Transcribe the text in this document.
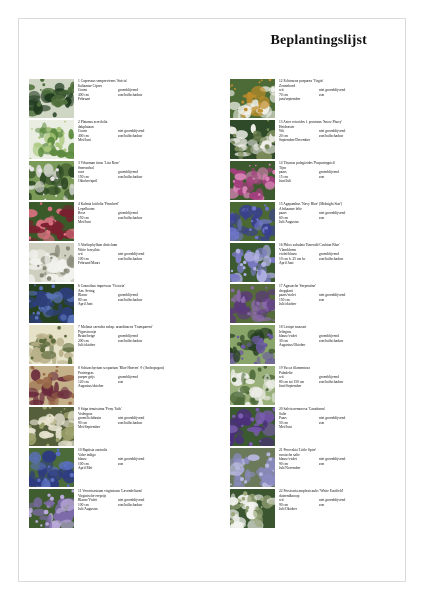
Beplantingslijst
1 Cupressus sempervirens 'Stricta'
Italiaanse Cipres
Groen	groenblijvend
400 cm	zon/halfschaduw
Februari
2 Platanus acerifolia
dakplataan
Groen	niet groenblijvend
400 cm	zon/halfschaduw
Mei/Juni
3 Viburnum tinus 'Lisa Rose'
Sneeuwbal
roze	groenblijvend
150 cm	zon/halfschaduw
Oktober/april
4 Kalmia latifolia 'Pinwheel'
Lepelboom
Rose	groenblijvend
150 cm	zon/halfschaduw
Mei/Juni
5 Abeliophyllum distichum
Witte forsythia
wit	niet groenblijvend
100 cm	zon/halfschaduw
Februari/Maart
6 Ceanothus impressus 'Victoria'
Am. Sering
Blauw	groenblijvend
80 cm	zon/halfschaduw
April Juni
7 Molinia caerulea subsp. arundinacea 'Transparent'
Pijpestrootje
Bruin/beige	groenblijvend
200 cm	zon/halfschaduw
Juli/oktober
8 Schizachyrium scoparium 'Blue Heaven' ® (Andropogon)
Prairiegras
purper grijs	groenblijvend
120 cm	zon
Augustus/oktober
9 Stipa tenuissima 'Pony Tails'
Vedergras
groen/lichtbruin	niet groenblijvend
90 cm	zon/halfschaduw
Mei/September
10 Baptisia australis
Valse indigo
blauw	niet groenblijvend
100 cm	zon
April Mei
11 Veronicastrum virginicum 'Lavendelturm'
Virginische ereprijs
Blauw/Violet	niet groenblijvend
100 cm	zon/halfschaduw
Juli/Augustus
12 Echinacea purpurea 'Virgin'
Zonnehoed
wit	niet groenblijvend
70 cm	zon
juni/september
13 Aster ericoides f. prostatus 'Snow Flurry'
Heideaster
Wit	niet groenblijvend
20 cm	zon/halfschaduw
September/December
14 Thymus pulegioides 'Purpurteppich'
Tijm
paars	groenblijvend
15 cm	zon
Juni/Juli
15 Agapanthus 'Navy Blue' (Midnight Star')
Afrikaanse lelie
paars	niet groenblijvend
60 cm	zon
Juli/Augustus
16 Phlox subulata 'Emerald Cushion Blue'
Vlambloem
violet/blauw	groenblijvend
10 cm h. 25 cm br	zon/halfschaduw
April Juni
17 Agastache 'Serpentine'
dropplant
paars/violet	niet groenblijvend
150 cm	zon
Juli/oktober
18 Liriope muscari
leliegras
blauw/violet	groenblijvend
30 cm	zon/halfschaduw
Augustus/Oktober
19 Yucca filamentosa
Palmlelie
wit	groenblijvend
80 cm tot 150 cm	zon/halfschaduw
Juni/September
20 Salvia nemorosa 'Caradonna'
Salie
Paars	niet groenblijvend
50 cm	zon
Mei/Juni
21 Perovskia 'Little Spire'
russische salie
blauw/violet	niet groenblijvend
90 cm	zon
Juli/November
22 Persicaria amplexicaulis 'White Eastfield'
duizendknoop
wit	niet groenblijvend
90 cm	zon
Juli/Oktober
